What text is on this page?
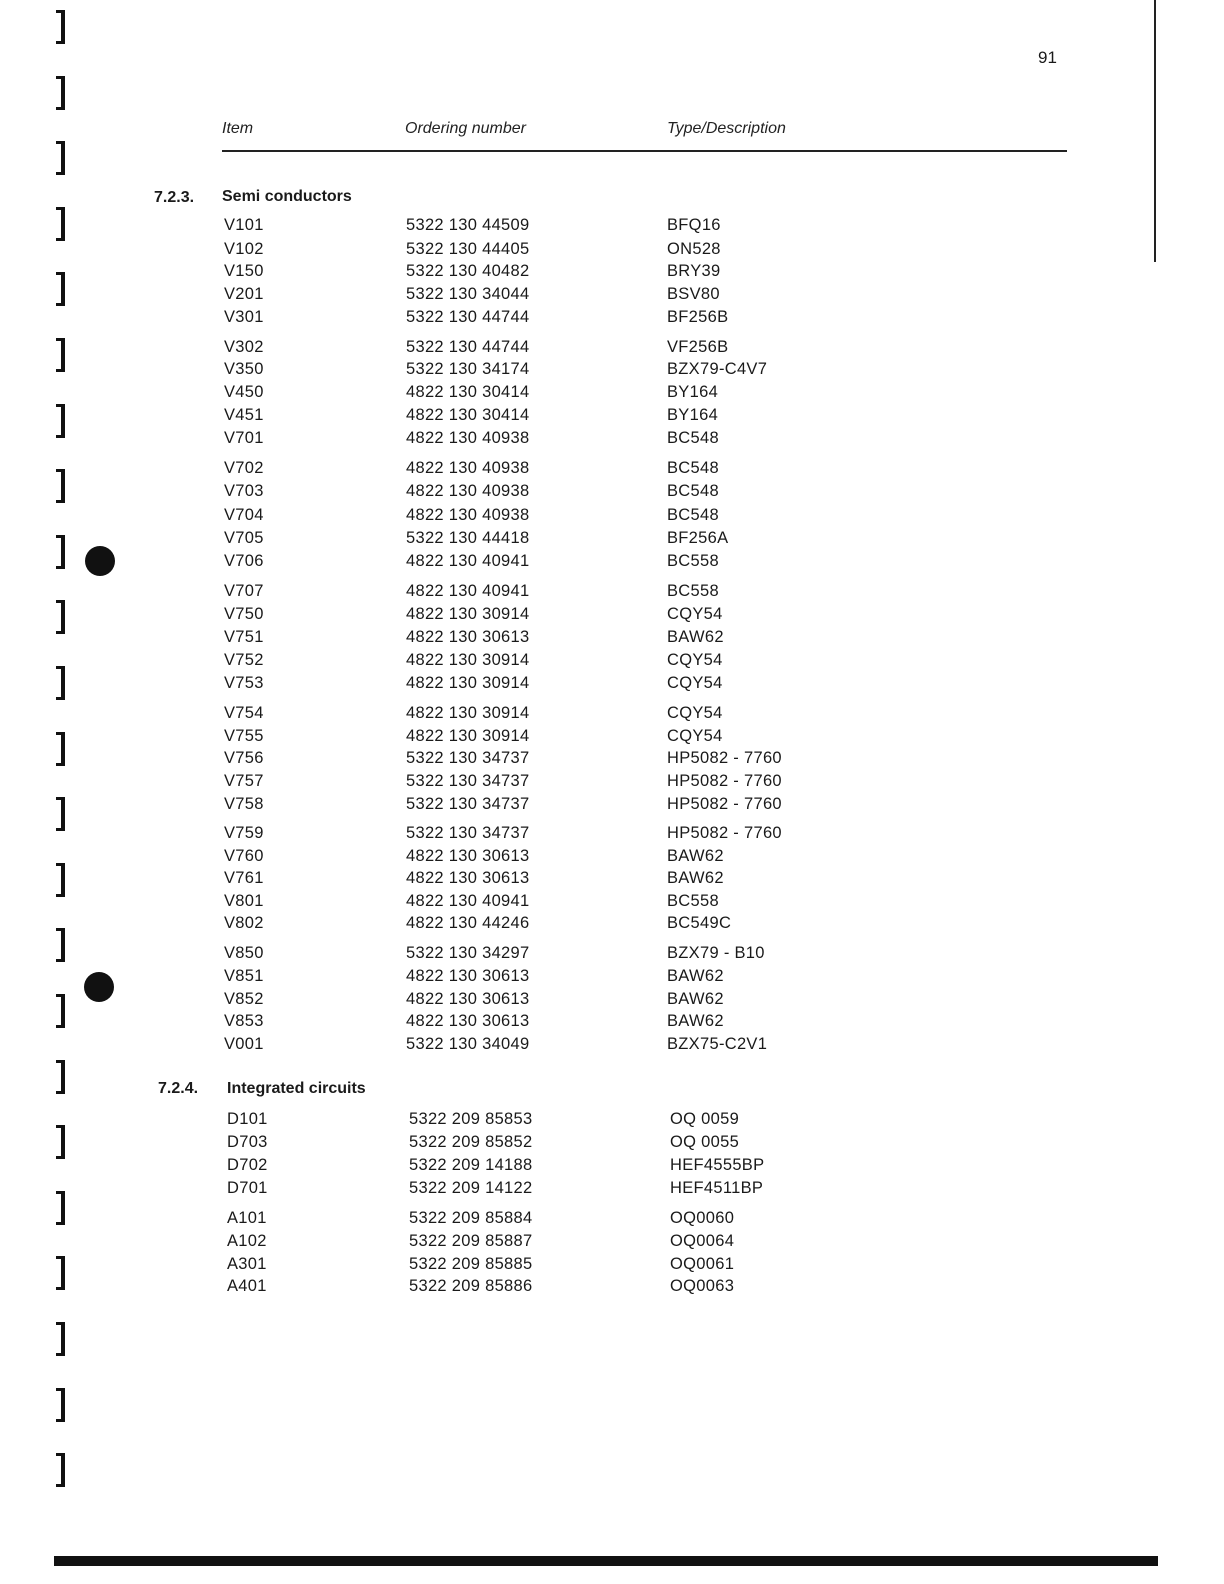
91
Item	Ordering number	Type/Description
7.2.3. Semi conductors
V101	5322 130 44509	BFQ16
V102	5322 130 44405	ON528
V150	5322 130 40482	BRY39
V201	5322 130 34044	BSV80
V301	5322 130 44744	BF256B
V302	5322 130 44744	VF256B
V350	5322 130 34174	BZX79-C4V7
V450	4822 130 30414	BY164
V451	4822 130 30414	BY164
V701	4822 130 40938	BC548
V702	4822 130 40938	BC548
V703	4822 130 40938	BC548
V704	4822 130 40938	BC548
V705	5322 130 44418	BF256A
V706	4822 130 40941	BC558
V707	4822 130 40941	BC558
V750	4822 130 30914	CQY54
V751	4822 130 30613	BAW62
V752	4822 130 30914	CQY54
V753	4822 130 30914	CQY54
V754	4822 130 30914	CQY54
V755	4822 130 30914	CQY54
V756	5322 130 34737	HP5082 - 7760
V757	5322 130 34737	HP5082 - 7760
V758	5322 130 34737	HP5082 - 7760
V759	5322 130 34737	HP5082 - 7760
V760	4822 130 30613	BAW62
V761	4822 130 30613	BAW62
V801	4822 130 40941	BC558
V802	4822 130 44246	BC549C
V850	5322 130 34297	BZX79 - B10
V851	4822 130 30613	BAW62
V852	4822 130 30613	BAW62
V853	4822 130 30613	BAW62
V001	5322 130 34049	BZX75-C2V1
7.2.4. Integrated circuits
D101	5322 209 85853	OQ 0059
D703	5322 209 85852	OQ 0055
D702	5322 209 14188	HEF4555BP
D701	5322 209 14122	HEF4511BP
A101	5322 209 85884	OQ0060
A102	5322 209 85887	OQ0064
A301	5322 209 85885	OQ0061
A401	5322 209 85886	OQ0063
